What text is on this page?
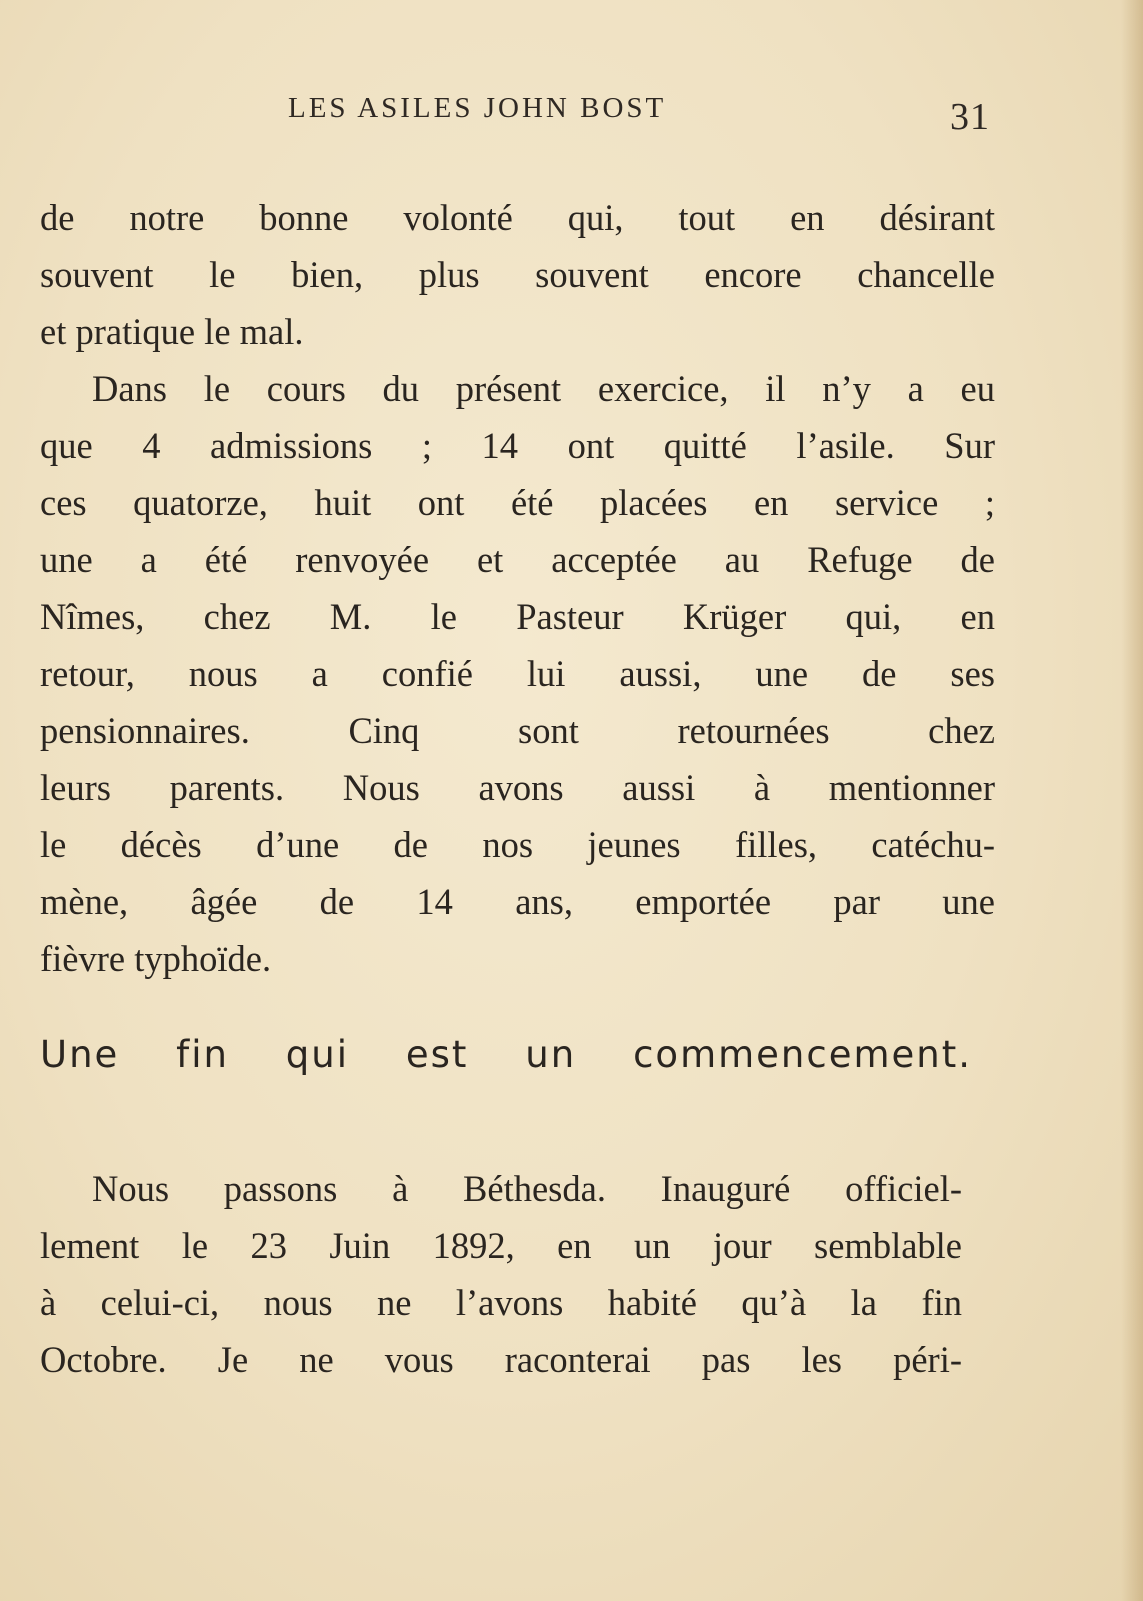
LES ASILES JOHN BOST	31
de notre bonne volonté qui, tout en désirant
souvent le bien, plus souvent encore chancelle
et pratique le mal.
Dans le cours du présent exercice, il n’y a eu
que 4 admissions ; 14 ont quitté l’asile. Sur
ces quatorze, huit ont été placées en service ;
une a été renvoyée et acceptée au Refuge de
Nîmes, chez M. le Pasteur Krüger qui, en
retour, nous a confié lui aussi, une de ses
pensionnaires. Cinq sont retournées chez
leurs parents. Nous avons aussi à mentionner
le décès d’une de nos jeunes filles, catéchu-
mène, âgée de 14 ans, emportée par une
fièvre typhoïde.
Une fin qui est un commencement.
Nous passons à Béthesda. Inauguré officiel-
lement le 23 Juin 1892, en un jour semblable
à celui-ci, nous ne l’avons habité qu’à la fin
Octobre. Je ne vous raconterai pas les péri-
